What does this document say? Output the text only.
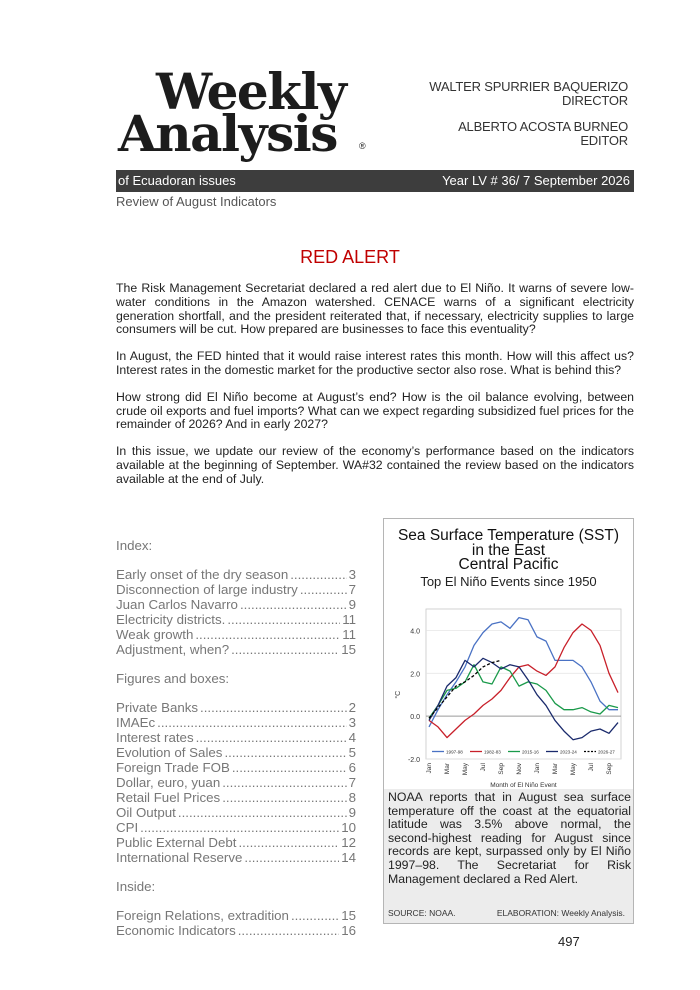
Weekly
Analysis ®
WALTER SPURRIER BAQUERIZO
DIRECTOR
ALBERTO ACOSTA BURNEO
EDITOR
of Ecuadoran issues	Year LV # 36/ 7 September 2026
Review of August Indicators
RED ALERT

The Risk Management Secretariat declared a red alert due to El Niño. It warns of severe low-water conditions in the Amazon watershed. CENACE warns of a significant electricity generation shortfall, and the president reiterated that, if necessary, electricity supplies to large consumers will be cut. How prepared are businesses to face this eventuality?

In August, the FED hinted that it would raise interest rates this month. How will this affect us? Interest rates in the domestic market for the productive sector also rose. What is behind this?

How strong did El Niño become at August’s end? How is the oil balance evolving, between crude oil exports and fuel imports? What can we expect regarding subsidized fuel prices for the remainder of 2026? And in early 2027?

In this issue, we update our review of the economy’s performance based on the indicators available at the beginning of September. WA#32 contained the review based on the indicators available at the end of July.

Index:
Early onset of the dry season .....	3
Disconnection of large industry .....	7
Juan Carlos Navarro .....	9
Electricity districts. .....	11
Weak growth .....	11
Adjustment, when? .....	15
Figures and boxes:
Private Banks .....	2
IMAEc .....	3
Interest rates .....	4
Evolution of Sales .....	5
Foreign Trade FOB .....	6
Dollar, euro, yuan .....	7
Retail Fuel Prices .....	8
Oil Output .....	9
CPI .....	10
Public External Debt .....	12
International Reserve .....	14
Inside:
Foreign Relations, extradition .....	15
Economic Indicators .....	16
Sea Surface Temperature (SST)
in the East
Central Pacific
Top El Niño Events since 1950
-2.0
0.0
2.0
4.0
°C
Jan Mar May Jul Sep Nov Jan Mar May Jul Sep
Month of El Niño Event
1997-98	1982-83	2015-16	2023-24	2026-27
NOAA reports that in August sea surface temperature off the coast at the equatorial latitude was 3.5% above normal, the second-highest reading for August since records are kept, surpassed only by El Niño 1997–98. The Secretariat for Risk Management declared a Red Alert.
SOURCE: NOAA.	ELABORATION: Weekly Analysis.
497
